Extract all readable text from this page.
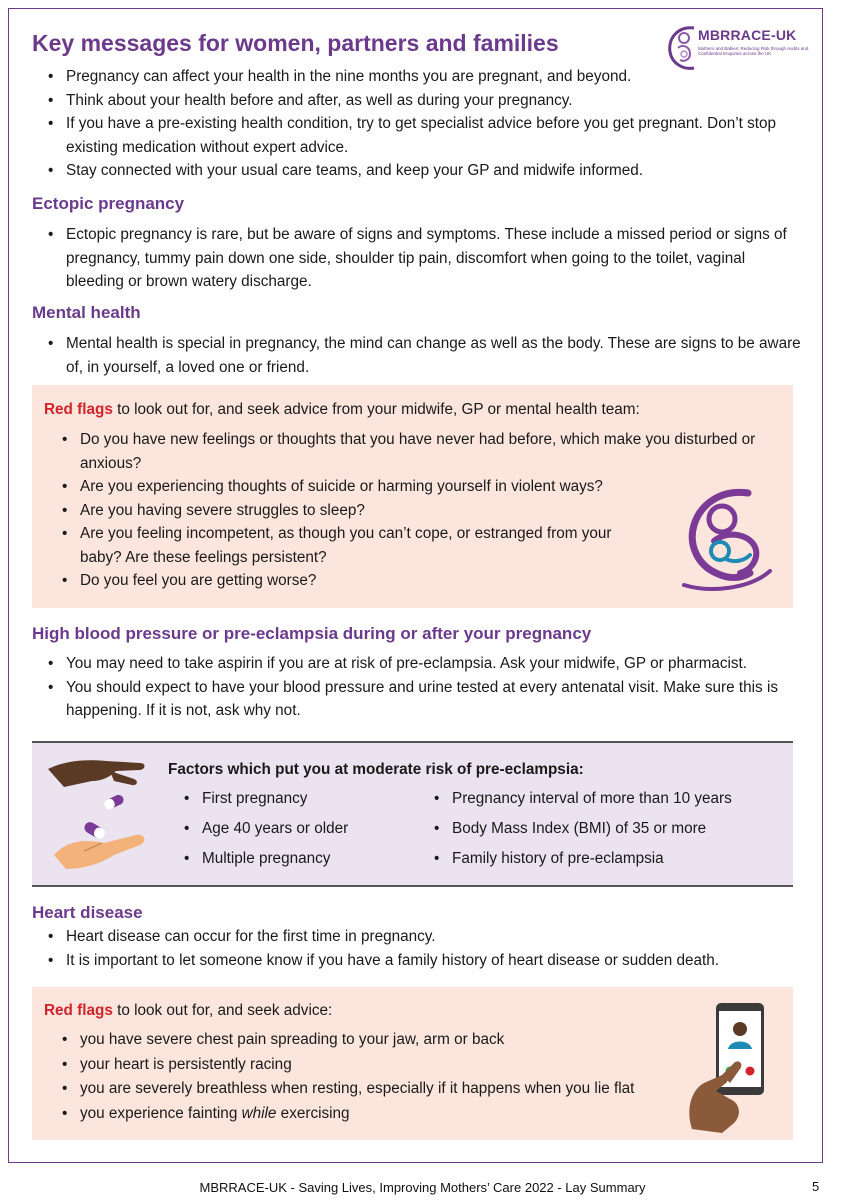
MBRRACE-UK
Mothers and Babies: Reducing Risk through Audits and Confidential Enquiries across the UK
Key messages for women, partners and families
• Pregnancy can affect your health in the nine months you are pregnant, and beyond.
• Think about your health before and after, as well as during your pregnancy.
• If you have a pre-existing health condition, try to get specialist advice before you get pregnant. Don’t stop existing medication without expert advice.
• Stay connected with your usual care teams, and keep your GP and midwife informed.
Ectopic pregnancy
• Ectopic pregnancy is rare, but be aware of signs and symptoms. These include a missed period or signs of pregnancy, tummy pain down one side, shoulder tip pain, discomfort when going to the toilet, vaginal bleeding or brown watery discharge.
Mental health
• Mental health is special in pregnancy, the mind can change as well as the body. These are signs to be aware of, in yourself, a loved one or friend.
Red flags to look out for, and seek advice from your midwife, GP or mental health team:
• Do you have new feelings or thoughts that you have never had before, which make you disturbed or anxious?
• Are you experiencing thoughts of suicide or harming yourself in violent ways?
• Are you having severe struggles to sleep?
• Are you feeling incompetent, as though you can’t cope, or estranged from your baby? Are these feelings persistent?
• Do you feel you are getting worse?
High blood pressure or pre-eclampsia during or after your pregnancy
• You may need to take aspirin if you are at risk of pre-eclampsia. Ask your midwife, GP or pharmacist.
• You should expect to have your blood pressure and urine tested at every antenatal visit. Make sure this is happening. If it is not, ask why not.
Factors which put you at moderate risk of pre-eclampsia:
• First pregnancy
• Age 40 years or older
• Multiple pregnancy
• Pregnancy interval of more than 10 years
• Body Mass Index (BMI) of 35 or more
• Family history of pre-eclampsia
Heart disease
• Heart disease can occur for the first time in pregnancy.
• It is important to let someone know if you have a family history of heart disease or sudden death.
Red flags to look out for, and seek advice:
• you have severe chest pain spreading to your jaw, arm or back
• your heart is persistently racing
• you are severely breathless when resting, especially if it happens when you lie flat
• you experience fainting while exercising
MBRRACE-UK - Saving Lives, Improving Mothers’ Care 2022 - Lay Summary	5
